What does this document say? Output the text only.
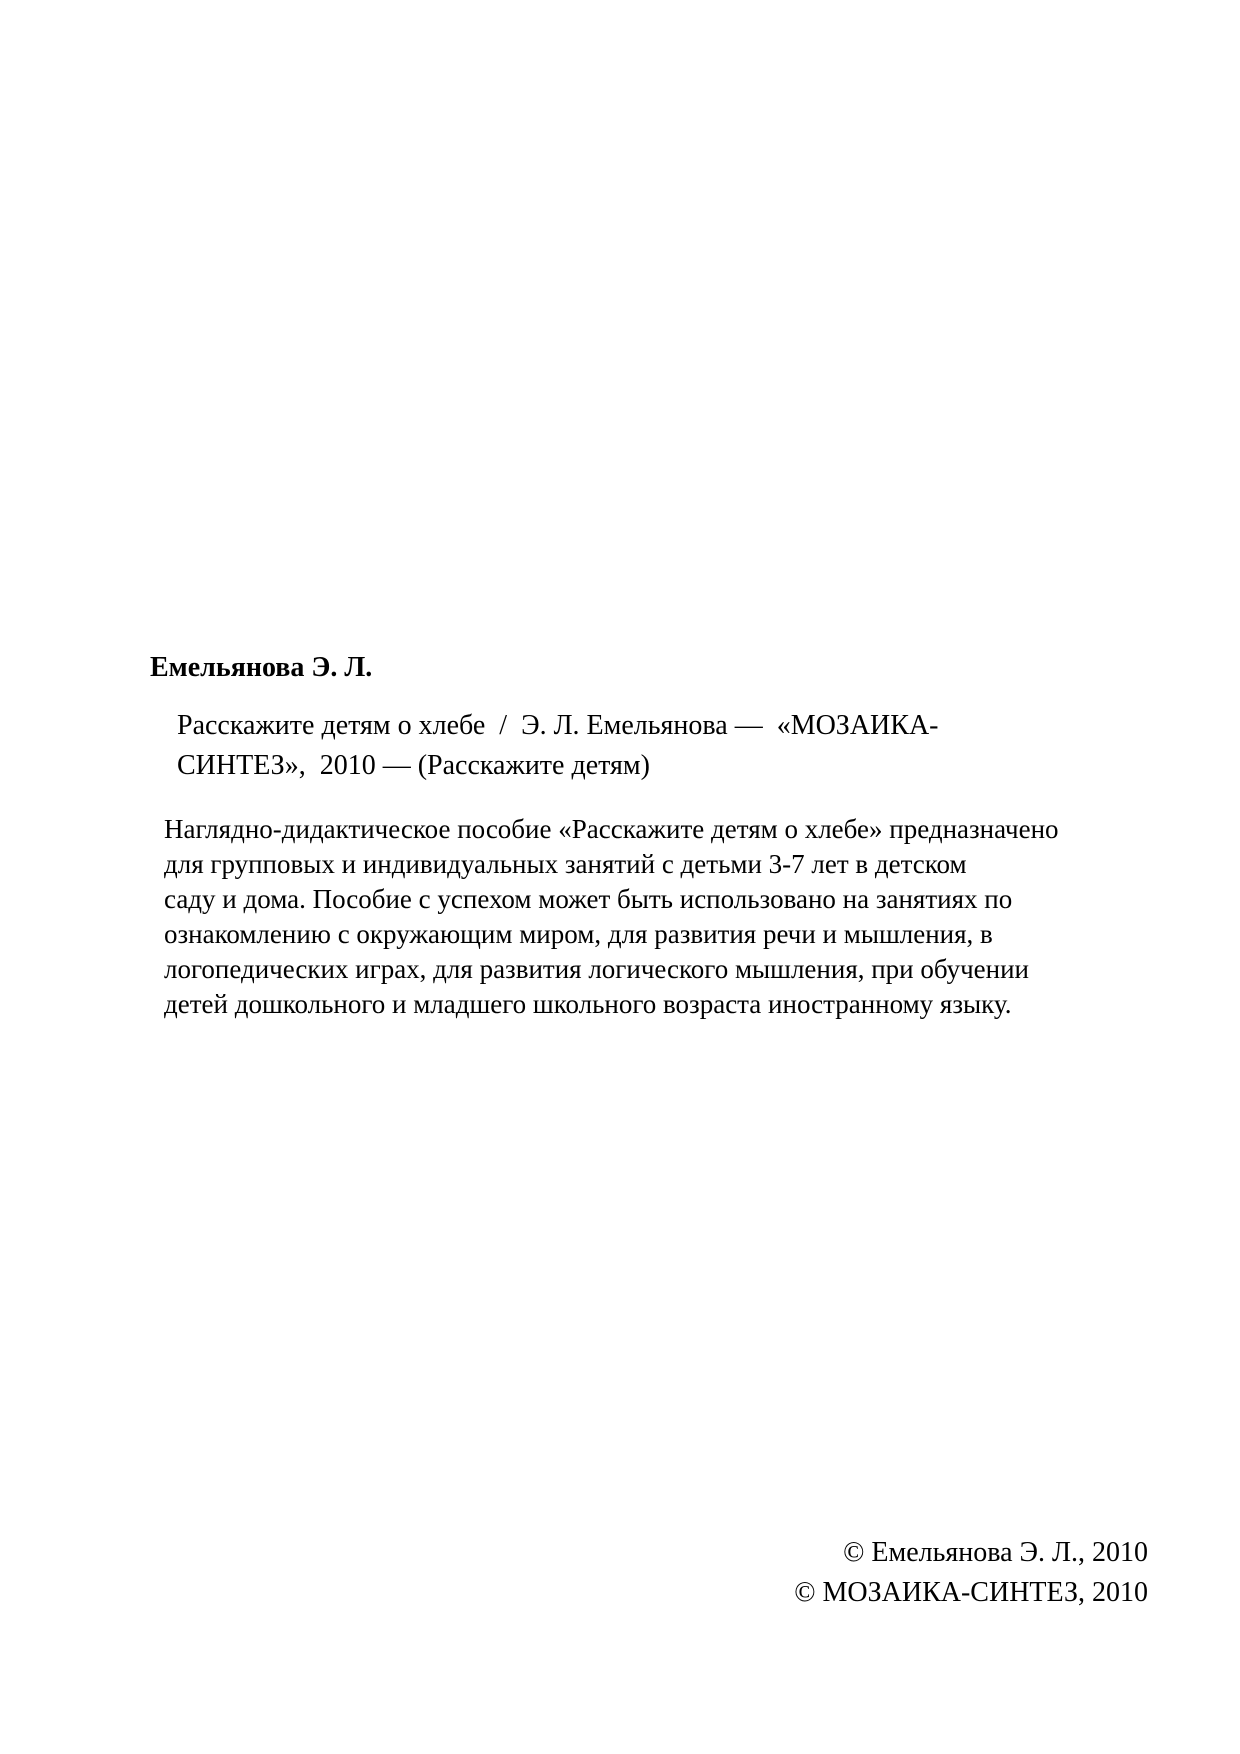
Емельянова Э. Л.
Расскажите детям о хлебе  /  Э. Л. Емельянова —  «МОЗАИКА-
СИНТЕЗ»,  2010 — (Расскажите детям)
Наглядно-дидактическое пособие «Расскажите детям о хлебе» предназначено
для групповых и индивидуальных занятий с детьми 3-7 лет в детском
саду и дома. Пособие с успехом может быть использовано на занятиях по
ознакомлению с окружающим миром, для развития речи и мышления, в
логопедических играх, для развития логического мышления, при обучении
детей дошкольного и младшего школьного возраста иностранному языку.
© Емельянова Э. Л., 2010
© МОЗАИКА-СИНТЕЗ, 2010
